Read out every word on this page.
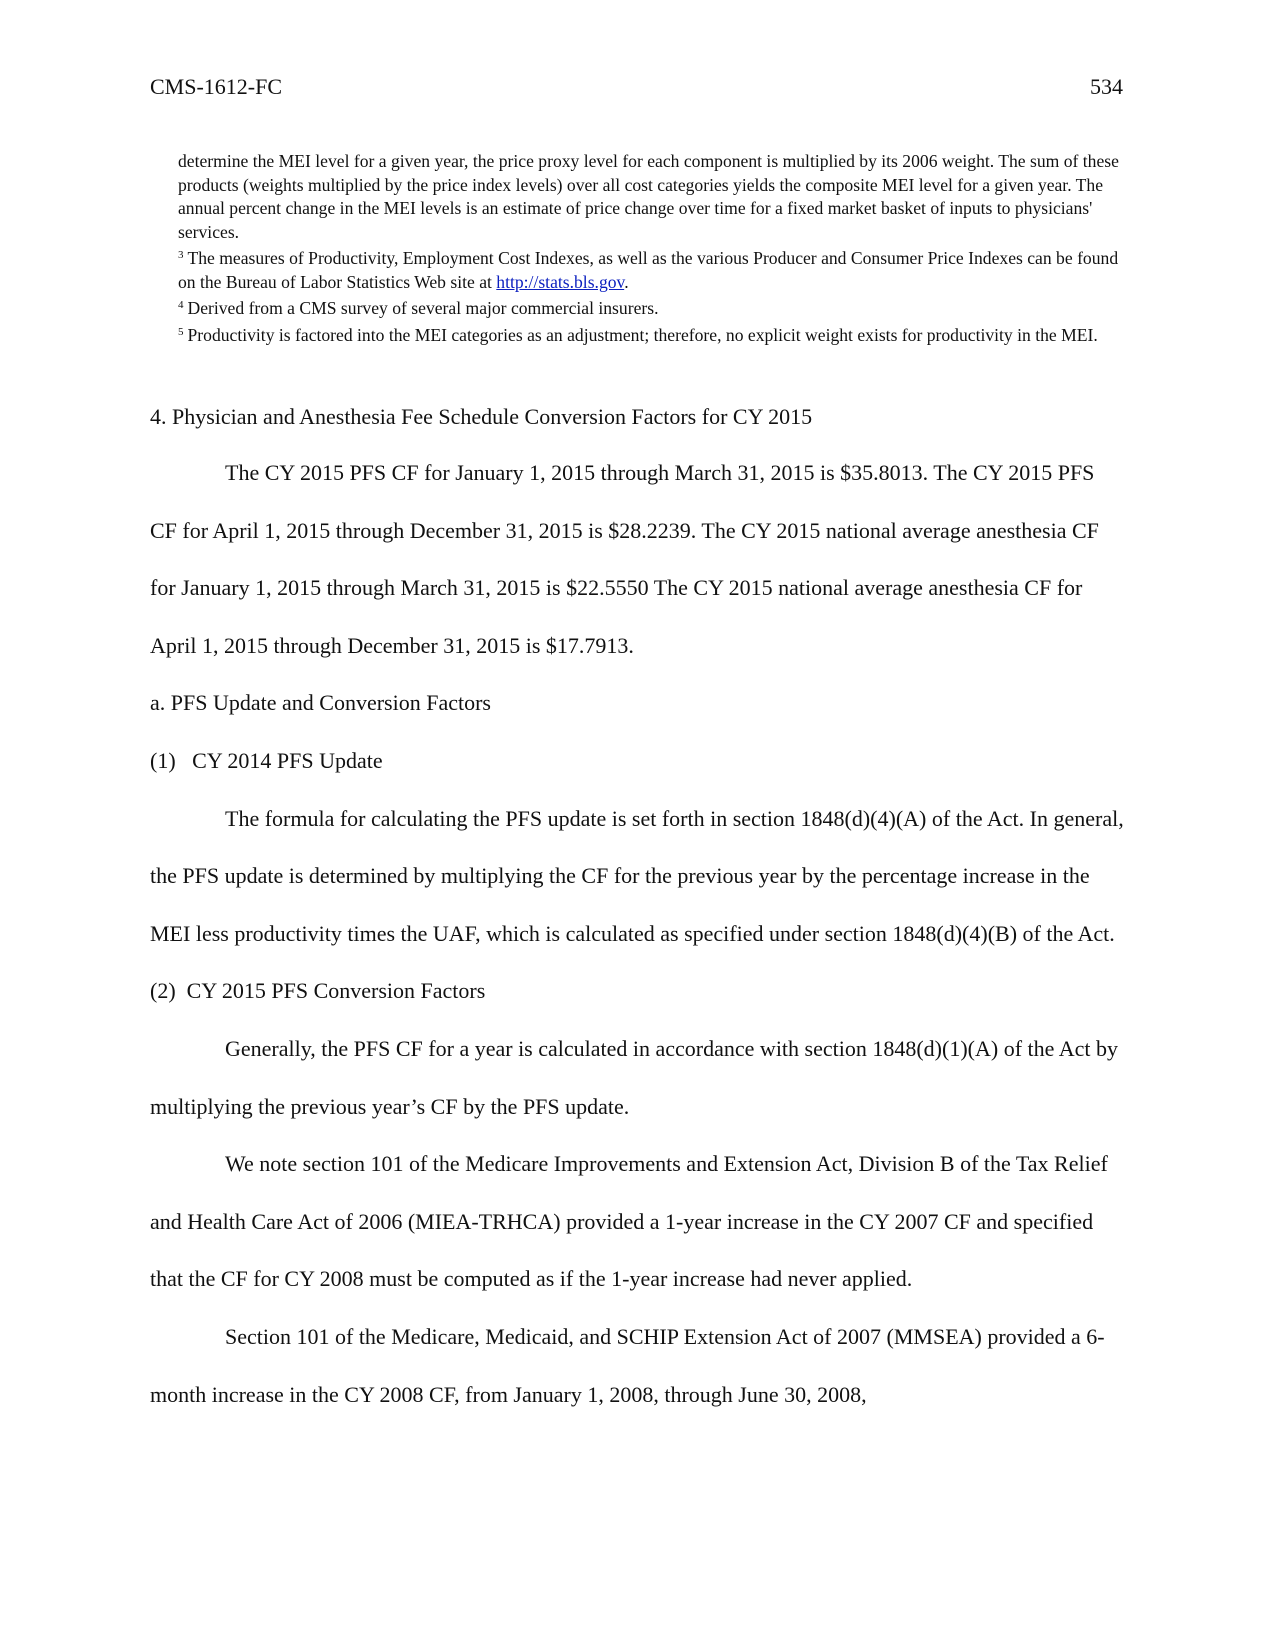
CMS-1612-FC	534

determine the MEI level for a given year, the price proxy level for each component is multiplied by its 2006 weight. The sum of these products (weights multiplied by the price index levels) over all cost categories yields the composite MEI level for a given year. The annual percent change in the MEI levels is an estimate of price change over time for a fixed market basket of inputs to physicians' services.

$^3$ The measures of Productivity, Employment Cost Indexes, as well as the various Producer and Consumer Price Indexes can be found on the Bureau of Labor Statistics Web site at http://stats.bls.gov.

$^4$ Derived from a CMS survey of several major commercial insurers.

$^5$ Productivity is factored into the MEI categories as an adjustment; therefore, no explicit weight exists for productivity in the MEI.

4. Physician and Anesthesia Fee Schedule Conversion Factors for CY 2015

The CY 2015 PFS CF for January 1, 2015 through March 31, 2015 is $35.8013. The CY 2015 PFS CF for April 1, 2015 through December 31, 2015 is $28.2239. The CY 2015 national average anesthesia CF for January 1, 2015 through March 31, 2015 is $22.5550 The CY 2015 national average anesthesia CF for April 1, 2015 through December 31, 2015 is $17.7913.

a. PFS Update and Conversion Factors

(1)   CY 2014 PFS Update

The formula for calculating the PFS update is set forth in section 1848(d)(4)(A) of the Act. In general, the PFS update is determined by multiplying the CF for the previous year by the percentage increase in the MEI less productivity times the UAF, which is calculated as specified under section 1848(d)(4)(B) of the Act.

(2)  CY 2015 PFS Conversion Factors

Generally, the PFS CF for a year is calculated in accordance with section 1848(d)(1)(A) of the Act by multiplying the previous year’s CF by the PFS update.

We note section 101 of the Medicare Improvements and Extension Act, Division B of the Tax Relief and Health Care Act of 2006 (MIEA-TRHCA) provided a 1-year increase in the CY 2007 CF and specified that the CF for CY 2008 must be computed as if the 1-year increase had never applied.

Section 101 of the Medicare, Medicaid, and SCHIP Extension Act of 2007 (MMSEA) provided a 6-month increase in the CY 2008 CF, from January 1, 2008, through June 30, 2008,
